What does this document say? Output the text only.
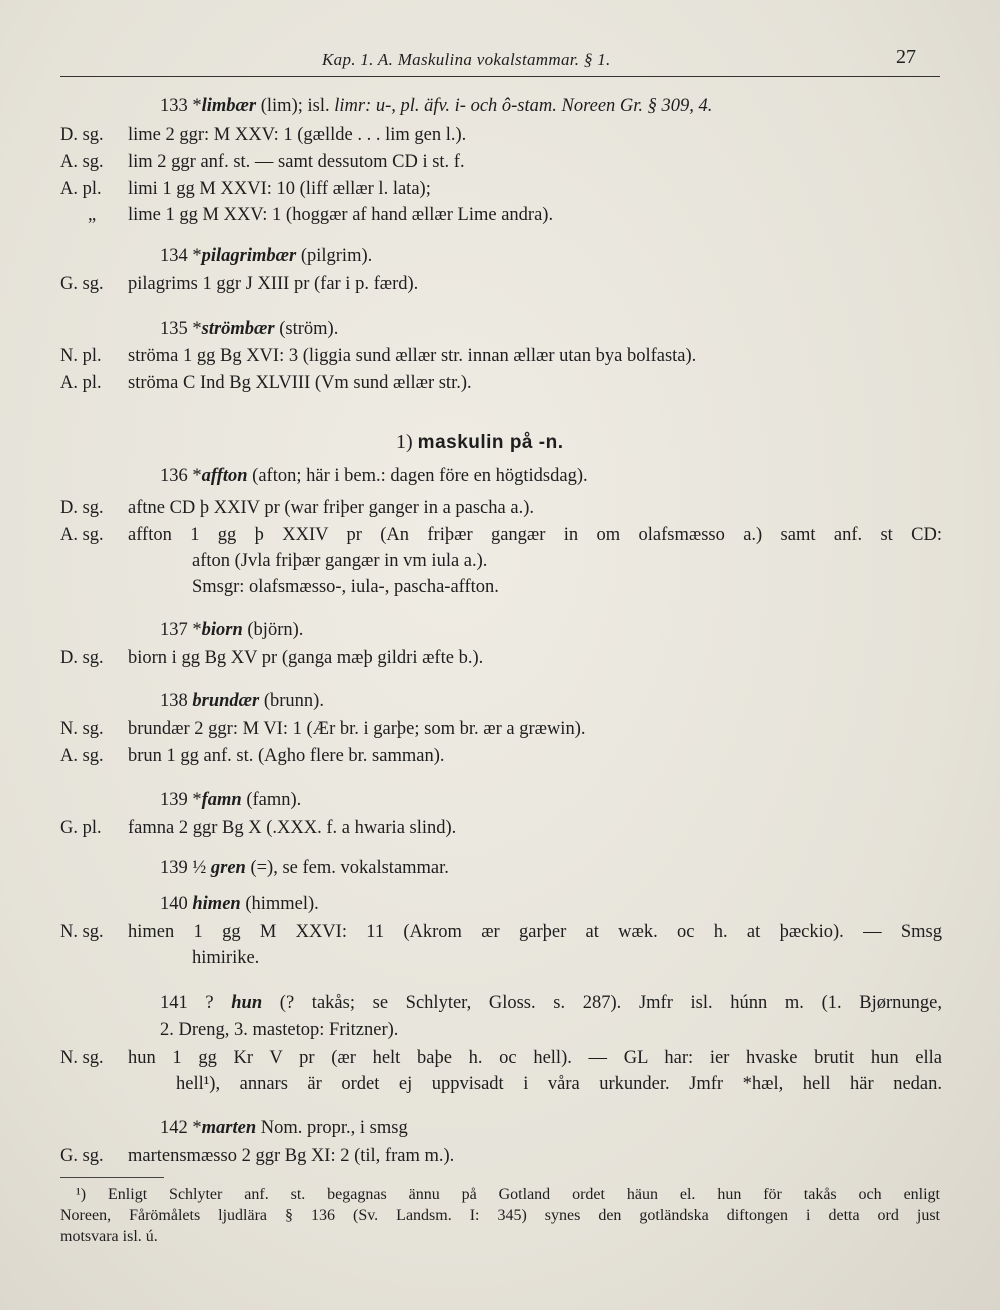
Kap. 1. A. Maskulina vokalstammar. § 1.	27
133 *limbær (lim); isl. limr: u-, pl. äfv. i- och ô-stam. Noreen Gr. § 309, 4.
D. sg. lime 2 ggr: M XXV: 1 (gællde . . . lim gen l.).
A. sg. lim 2 ggr anf. st. — samt dessutom CD i st. f.
A. pl. limi 1 gg M XXVI: 10 (liff ællær l. lata);
„ lime 1 gg M XXV: 1 (hoggær af hand ællær Lime andra).
134 *pilagrimbær (pilgrim).
G. sg. pilagrims 1 ggr J XIII pr (far i p. færd).
135 *strömbær (ström).
N. pl. ströma 1 gg Bg XVI: 3 (liggia sund ællær str. innan ællær utan bya bolfasta).
A. pl. ströma C Ind Bg XLVIII (Vm sund ællær str.).
1) maskulin på -n.
136 *affton (afton; här i bem.: dagen före en högtidsdag).
D. sg. aftne CD þ XXIV pr (war friþer ganger in a pascha a.).
A. sg. affton 1 gg þ XXIV pr (An friþær gangær in om olafsmæsso a.) samt anf. st CD:
afton (Jvla friþær gangær in vm iula a.).
Smsgr: olafsmæsso-, iula-, pascha-affton.
137 *biorn (björn).
D. sg. biorn i gg Bg XV pr (ganga mæþ gildri æfte b.).
138 brundær (brunn).
N. sg. brundær 2 ggr: M VI: 1 (Ær br. i garþe; som br. ær a græwin).
A. sg. brun 1 gg anf. st. (Agho flere br. samman).
139 *famn (famn).
G. pl. famna 2 ggr Bg X (.XXX. f. a hwaria slind).
139 ½ gren (=), se fem. vokalstammar.
140 himen (himmel).
N. sg. himen 1 gg M XXVI: 11 (Akrom ær garþer at wæk. oc h. at þæckio). — Smsg
himirike.
141 ? hun (? takås; se Schlyter, Gloss. s. 287). Jmfr isl. húnn m. (1. Bjørnunge,
2. Dreng, 3. mastetop: Fritzner).
N. sg. hun 1 gg Kr V pr (ær helt baþe h. oc hell). — GL har: ier hvaske brutit hun ella
hell¹), annars är ordet ej uppvisadt i våra urkunder. Jmfr *hæl, hell här nedan.
142 *marten Nom. propr., i smsg
G. sg. martensmæsso 2 ggr Bg XI: 2 (til, fram m.).
¹) Enligt Schlyter anf. st. begagnas ännu på Gotland ordet häun el. hun för takås och enligt
Noreen, Fårömålets ljudlära § 136 (Sv. Landsm. I: 345) synes den gotländska diftongen i detta ord just
motsvara isl. ú.
